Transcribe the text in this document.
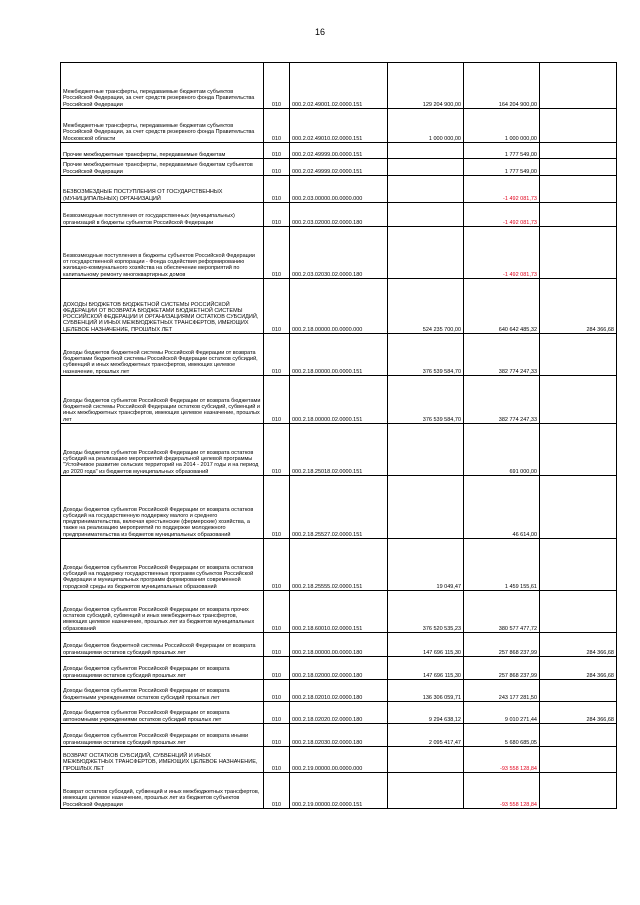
16
Межбюджетные трансферты, передаваемые бюджетам субъектов Российской Федерации, за счет средств резервного фонда Правительства Российской Федерации	010	000.2.02.49001.02.0000.151	129 204 900,00	164 204 900,00	
Межбюджетные трансферты, передаваемые бюджетам субъектов Российской Федерации, за счет средств резервного фонда Правительства Московской области	010	000.2.02.49010.02.0000.151	1 000 000,00	1 000 000,00	
Прочие межбюджетные трансферты, передаваемые бюджетам	010	000.2.02.49999.00.0000.151		1 777 549,00	
Прочие межбюджетные трансферты, передаваемые бюджетам субъектов Российской Федерации	010	000.2.02.49999.02.0000.151		1 777 549,00	
БЕЗВОЗМЕЗДНЫЕ ПОСТУПЛЕНИЯ ОТ ГОСУДАРСТВЕННЫХ (МУНИЦИПАЛЬНЫХ) ОРГАНИЗАЦИЙ	010	000.2.03.00000.00.0000.000		-1 492 081,73	
Безвозмездные поступления от государственных (муниципальных) организаций в бюджеты субъектов Российской Федерации	010	000.2.03.02000.02.0000.180		-1 492 081,73	
Безвозмездные поступления в бюджеты субъектов Российской Федерации от государственной корпорации - Фонда содействия реформированию жилищно-коммунального хозяйства на обеспечение мероприятий по капитальному ремонту многоквартирных домов	010	000.2.03.02030.02.0000.180		-1 492 081,73	
ДОХОДЫ БЮДЖЕТОВ БЮДЖЕТНОЙ СИСТЕМЫ РОССИЙСКОЙ ФЕДЕРАЦИИ ОТ ВОЗВРАТА БЮДЖЕТАМИ БЮДЖЕТНОЙ СИСТЕМЫ РОССИЙСКОЙ ФЕДЕРАЦИИ И ОРГАНИЗАЦИЯМИ ОСТАТКОВ СУБСИДИЙ, СУБВЕНЦИЙ И ИНЫХ МЕЖБЮДЖЕТНЫХ ТРАНСФЕРТОВ, ИМЕЮЩИХ ЦЕЛЕВОЕ НАЗНАЧЕНИЕ, ПРОШЛЫХ ЛЕТ	010	000.2.18.00000.00.0000.000	524 235 700,00	640 642 485,32	284 366,68
Доходы бюджетов бюджетной системы Российской Федерации от возврата бюджетами бюджетной системы Российской Федерации остатков субсидий, субвенций и иных межбюджетных трансфертов, имеющих целевое назначение, прошлых лет	010	000.2.18.00000.00.0000.151	376 539 584,70	382 774 247,33	
Доходы бюджетов субъектов Российской Федерации от возврата бюджетами бюджетной системы Российской Федерации остатков субсидий, субвенций и иных межбюджетных трансфертов, имеющих целевое назначение, прошлых лет	010	000.2.18.00000.02.0000.151	376 539 584,70	382 774 247,33	
Доходы бюджетов субъектов Российской Федерации от возврата остатков субсидий на реализацию мероприятий федеральной целевой программы "Устойчивое развитие сельских территорий на 2014 - 2017 годы и на период до 2020 года" из бюджетов муниципальных образований	010	000.2.18.25018.02.0000.151		691 000,00	
Доходы бюджетов субъектов Российской Федерации от возврата остатков субсидий на государственную поддержку малого и среднего предпринимательства, включая крестьянские (фермерские) хозяйства, а также на реализацию мероприятий по поддержке молодежного предпринимательства из бюджетов муниципальных образований	010	000.2.18.25527.02.0000.151		46 614,00	
Доходы бюджетов субъектов Российской Федерации от возврата остатков субсидий на поддержку государственных программ субъектов Российской Федерации и муниципальных программ формирования современной городской среды из бюджетов муниципальных образований	010	000.2.18.25555.02.0000.151	19 049,47	1 459 155,61	
Доходы бюджетов субъектов Российской Федерации от возврата прочих остатков субсидий, субвенций и иных межбюджетных трансфертов, имеющих целевое назначение, прошлых лет из бюджетов муниципальных образований	010	000.2.18.60010.02.0000.151	376 520 535,23	380 577 477,72	
Доходы бюджетов бюджетной системы Российской Федерации от возврата организациями остатков субсидий прошлых лет	010	000.2.18.00000.00.0000.180	147 696 115,30	257 868 237,99	284 366,68
Доходы бюджетов субъектов Российской Федерации от возврата организациями остатков субсидий прошлых лет	010	000.2.18.02000.02.0000.180	147 696 115,30	257 868 237,99	284 366,68
Доходы бюджетов субъектов Российской Федерации от возврата бюджетными учреждениями остатков субсидий прошлых лет	010	000.2.18.02010.02.0000.180	136 306 059,71	243 177 281,50	
Доходы бюджетов субъектов Российской Федерации от возврата автономными учреждениями остатков субсидий прошлых лет	010	000.2.18.02020.02.0000.180	9 294 638,12	9 010 271,44	284 366,68
Доходы бюджетов субъектов Российской Федерации от возврата иными организациями остатков субсидий прошлых лет	010	000.2.18.02030.02.0000.180	2 095 417,47	5 680 685,05	
ВОЗВРАТ ОСТАТКОВ СУБСИДИЙ, СУБВЕНЦИЙ И ИНЫХ МЕЖБЮДЖЕТНЫХ ТРАНСФЕРТОВ, ИМЕЮЩИХ ЦЕЛЕВОЕ НАЗНАЧЕНИЕ, ПРОШЛЫХ ЛЕТ	010	000.2.19.00000.00.0000.000		-93 558 128,84	
Возврат остатков субсидий, субвенций и иных межбюджетных трансфертов, имеющих целевое назначение, прошлых лет из бюджетов субъектов Российской Федерации	010	000.2.19.00000.02.0000.151		-93 558 128,84	
